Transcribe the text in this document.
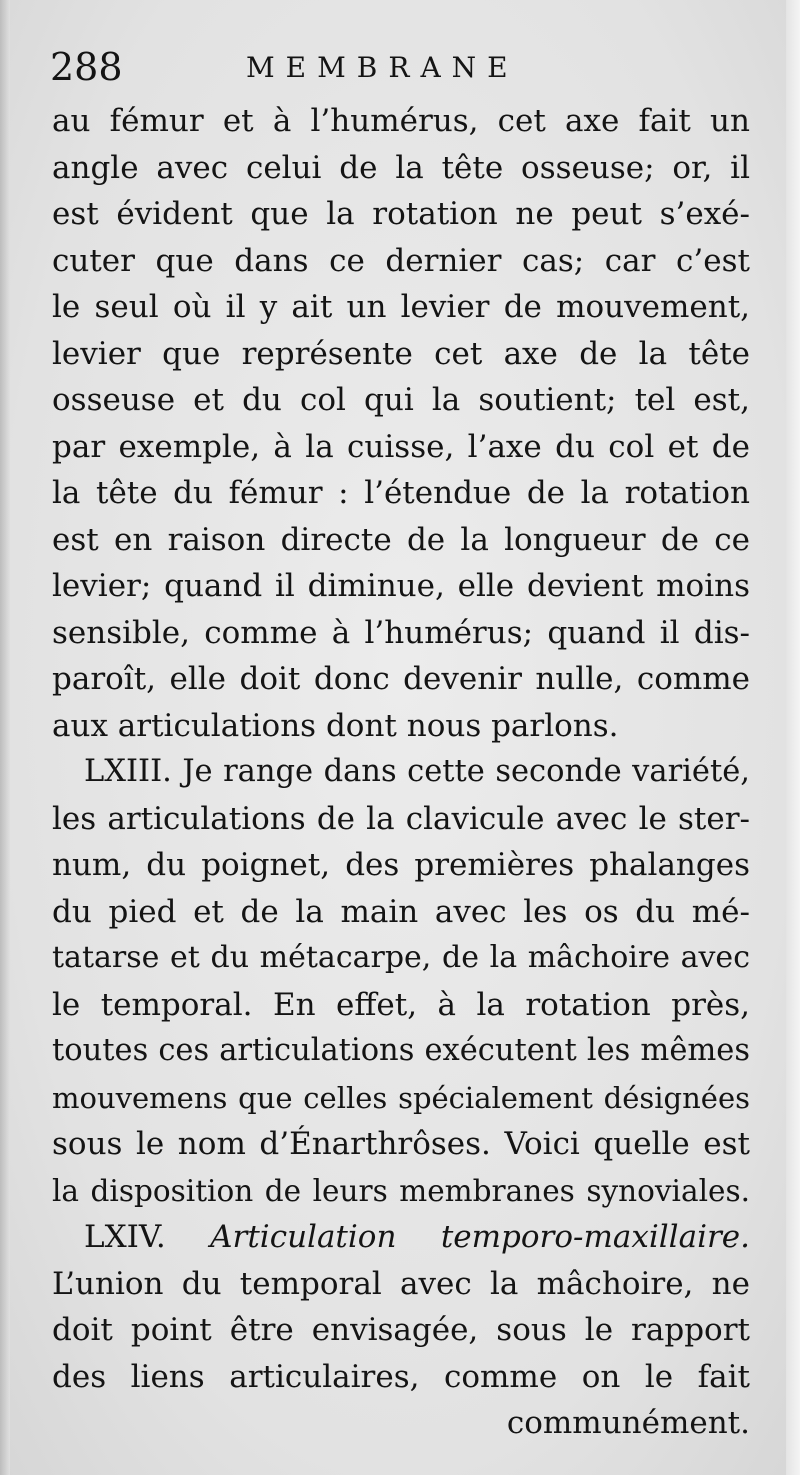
288	MEMBRANE
au fémur et à l’humérus, cet axe fait un
angle avec celui de la tête osseuse; or, il
est évident que la rotation ne peut s’exé-
cuter que dans ce dernier cas; car c’est
le seul où il y ait un levier de mouvement,
levier que représente cet axe de la tête
osseuse et du col qui la soutient; tel est,
par exemple, à la cuisse, l’axe du col et de
la tête du fémur : l’étendue de la rotation
est en raison directe de la longueur de ce
levier; quand il diminue, elle devient moins
sensible, comme à l’humérus; quand il dis-
paroît, elle doit donc devenir nulle, comme
aux articulations dont nous parlons.
LXIII. Je range dans cette seconde variété,
les articulations de la clavicule avec le ster-
num, du poignet, des premières phalanges
du pied et de la main avec les os du mé-
tatarse et du métacarpe, de la mâchoire avec
le temporal. En effet, à la rotation près,
toutes ces articulations exécutent les mêmes
mouvemens que celles spécialement désignées
sous le nom d’Énarthrôses. Voici quelle est
la disposition de leurs membranes synoviales.
LXIV. Articulation temporo-maxillaire.
L’union du temporal avec la mâchoire, ne
doit point être envisagée, sous le rapport
des liens articulaires, comme on le fait
communément.
